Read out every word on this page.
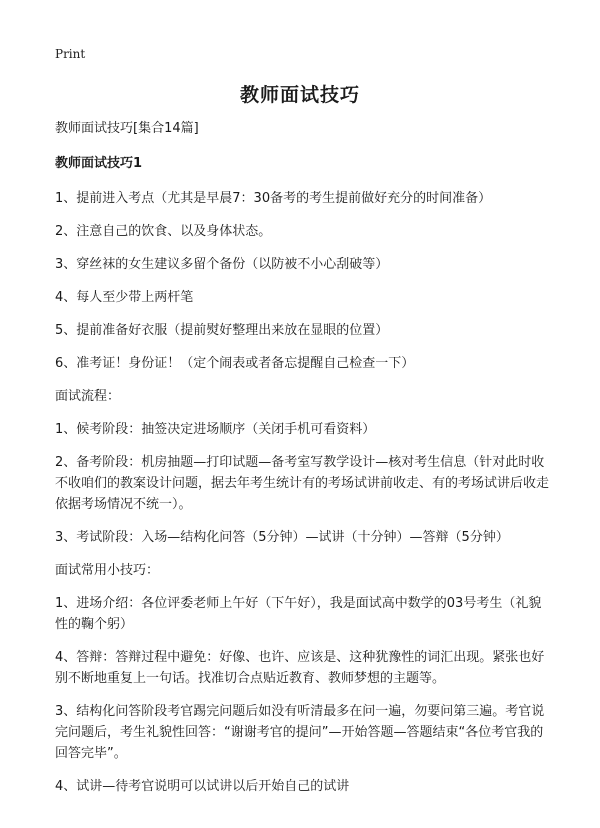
Print
教师面试技巧

教师面试技巧[集合14篇]

教师面试技巧1

1、提前进入考点（尤其是早晨7：30备考的考生提前做好充分的时间准备）

2、注意自己的饮食、以及身体状态。

3、穿丝袜的女生建议多留个备份（以防被不小心刮破等）

4、每人至少带上两杆笔

5、提前准备好衣服（提前熨好整理出来放在显眼的位置）

6、准考证！身份证！（定个闹表或者备忘提醒自己检查一下）

面试流程：

1、候考阶段：抽签决定进场顺序（关闭手机可看资料）

2、备考阶段：机房抽题—打印试题—备考室写教学设计—核对考生信息（针对此时收不收咱们的教案设计问题，据去年考生统计有的考场试讲前收走、有的考场试讲后收走依据考场情况不统一）。

3、考试阶段：入场—结构化问答（5分钟）—试讲（十分钟）—答辩（5分钟）

面试常用小技巧：

1、进场介绍：各位评委老师上午好（下午好），我是面试高中数学的03号考生（礼貌性的鞠个躬）

4、答辩：答辩过程中避免：好像、也许、应该是、这种犹豫性的词汇出现。紧张也好别不断地重复上一句话。找准切合点贴近教育、教师梦想的主题等。

3、结构化问答阶段考官踢完问题后如没有听清最多在问一遍，勿要问第三遍。考官说完问题后，考生礼貌性回答：“谢谢考官的提问”—开始答题—答题结束“各位考官我的回答完毕”。

4、试讲—待考官说明可以试讲以后开始自己的试讲
